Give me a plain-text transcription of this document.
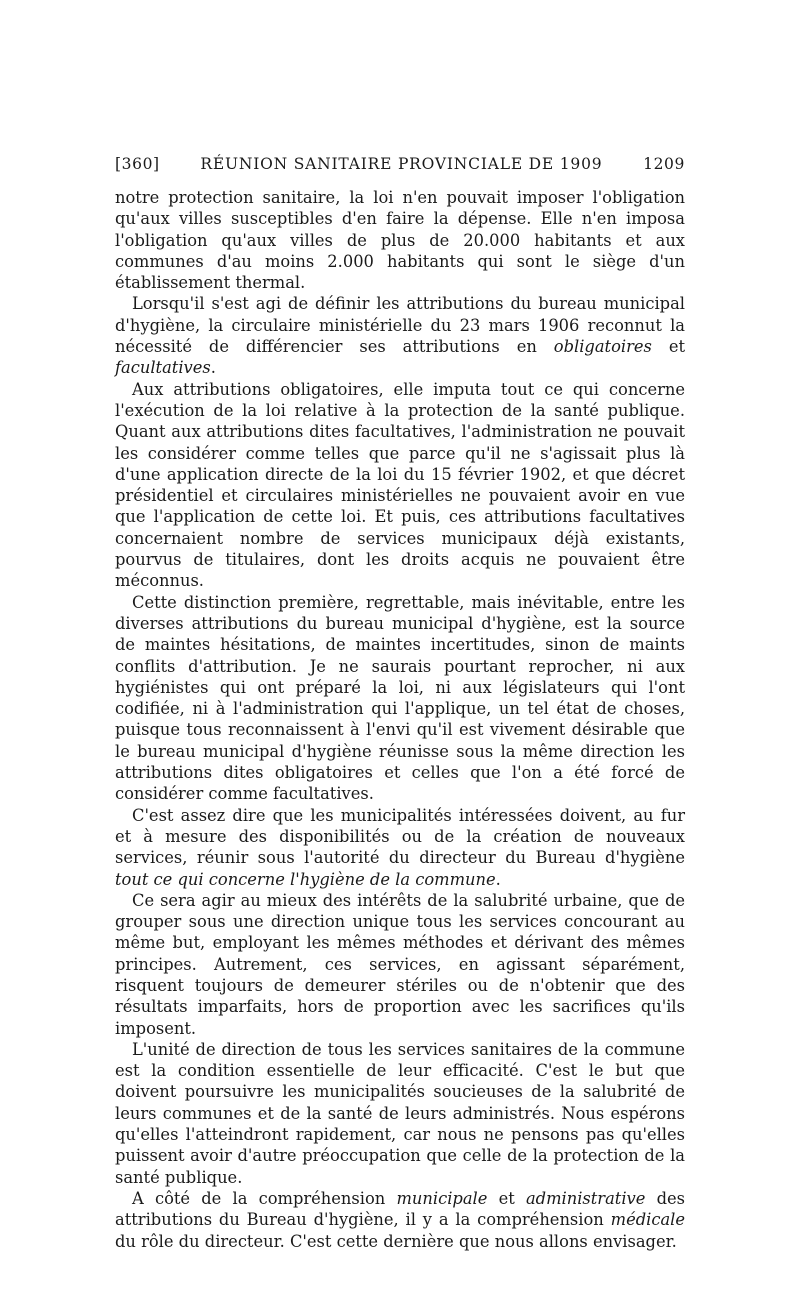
[360]	RÉUNION SANITAIRE PROVINCIALE DE 1909	1209

notre protection sanitaire, la loi n'en pouvait imposer l'obligation qu'aux villes susceptibles d'en faire la dépense. Elle n'en imposa l'obligation qu'aux villes de plus de 20.000 habitants et aux communes d'au moins 2.000 habitants qui sont le siège d'un établissement thermal.

Lorsqu'il s'est agi de définir les attributions du bureau municipal d'hygiène, la circulaire ministérielle du 23 mars 1906 reconnut la nécessité de différencier ses attributions en obligatoires et facultatives.

Aux attributions obligatoires, elle imputa tout ce qui concerne l'exécution de la loi relative à la protection de la santé publique. Quant aux attributions dites facultatives, l'administration ne pouvait les considérer comme telles que parce qu'il ne s'agissait plus là d'une application directe de la loi du 15 février 1902, et que décret présidentiel et circulaires ministérielles ne pouvaient avoir en vue que l'application de cette loi. Et puis, ces attributions facultatives concernaient nombre de services municipaux déjà existants, pourvus de titulaires, dont les droits acquis ne pouvaient être méconnus.

Cette distinction première, regrettable, mais inévitable, entre les diverses attributions du bureau municipal d'hygiène, est la source de maintes hésitations, de maintes incertitudes, sinon de maints conflits d'attribution. Je ne saurais pourtant reprocher, ni aux hygiénistes qui ont préparé la loi, ni aux législateurs qui l'ont codifiée, ni à l'administration qui l'applique, un tel état de choses, puisque tous reconnaissent à l'envi qu'il est vivement désirable que le bureau municipal d'hygiène réunisse sous la même direction les attributions dites obligatoires et celles que l'on a été forcé de considérer comme facultatives.

C'est assez dire que les municipalités intéressées doivent, au fur et à mesure des disponibilités ou de la création de nouveaux services, réunir sous l'autorité du directeur du Bureau d'hygiène tout ce qui concerne l'hygiène de la commune.

Ce sera agir au mieux des intérêts de la salubrité urbaine, que de grouper sous une direction unique tous les services concourant au même but, employant les mêmes méthodes et dérivant des mêmes principes. Autrement, ces services, en agissant séparément, risquent toujours de demeurer stériles ou de n'obtenir que des résultats imparfaits, hors de proportion avec les sacrifices qu'ils imposent.

L'unité de direction de tous les services sanitaires de la commune est la condition essentielle de leur efficacité. C'est le but que doivent poursuivre les municipalités soucieuses de la salubrité de leurs communes et de la santé de leurs administrés. Nous espérons qu'elles l'atteindront rapidement, car nous ne pensons pas qu'elles puissent avoir d'autre préoccupation que celle de la protection de la santé publique.

A côté de la compréhension municipale et administrative des attributions du Bureau d'hygiène, il y a la compréhension médicale du rôle du directeur. C'est cette dernière que nous allons envisager.
